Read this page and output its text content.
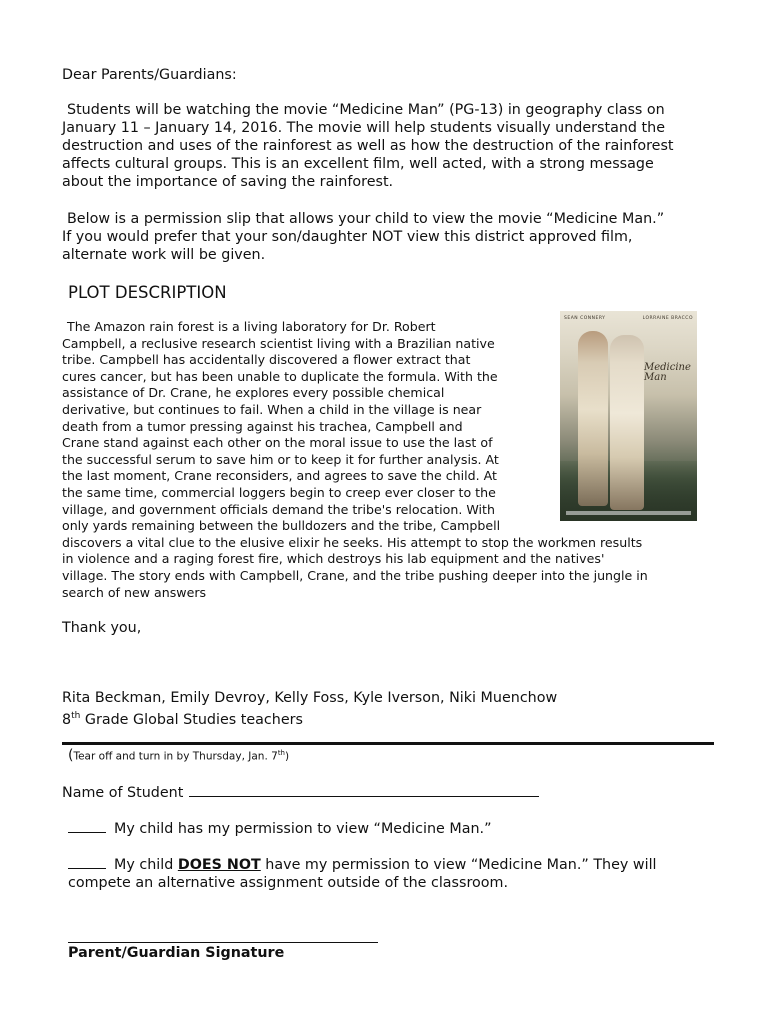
Dear Parents/Guardians:

Students will be watching the movie “Medicine Man” (PG-13) in geography class on
January 11 – January 14, 2016. The movie will help students visually understand the
destruction and uses of the rainforest as well as how the destruction of the rainforest
affects cultural groups. This is an excellent film, well acted, with a strong message
about the importance of saving the rainforest.
Below is a permission slip that allows your child to view the movie “Medicine Man.”
If you would prefer that your son/daughter NOT view this district approved film,
alternate work will be given.
PLOT DESCRIPTION
The Amazon rain forest is a living laboratory for Dr. Robert
Campbell, a reclusive research scientist living with a Brazilian native
tribe. Campbell has accidentally discovered a flower extract that
cures cancer, but has been unable to duplicate the formula. With the
assistance of Dr. Crane, he explores every possible chemical
derivative, but continues to fail. When a child in the village is near
death from a tumor pressing against his trachea, Campbell and
Crane stand against each other on the moral issue to use the last of
the successful serum to save him or to keep it for further analysis. At
the last moment, Crane reconsiders, and agrees to save the child. At
the same time, commercial loggers begin to creep ever closer to the
village, and government officials demand the tribe's relocation. With
only yards remaining between the bulldozers and the tribe, Campbell
discovers a vital clue to the elusive elixir he seeks. His attempt to stop the workmen results
in violence and a raging forest fire, which destroys his lab equipment and the natives'
village. The story ends with Campbell, Crane, and the tribe pushing deeper into the jungle in
search of new answers
SEAN CONNERY	LORRAINE BRACCO
Medicine
Man

Thank you,

Rita Beckman, Emily Devroy, Kelly Foss, Kyle Iverson, Niki Muenchow

8th Grade Global Studies teachers

(Tear off and turn in by Thursday, Jan. 7th)

Name of Student

My child has my permission to view “Medicine Man.”

My child DOES NOT have my permission to view “Medicine Man.” They will
compete an alternative assignment outside of the classroom.
Parent/Guardian Signature
